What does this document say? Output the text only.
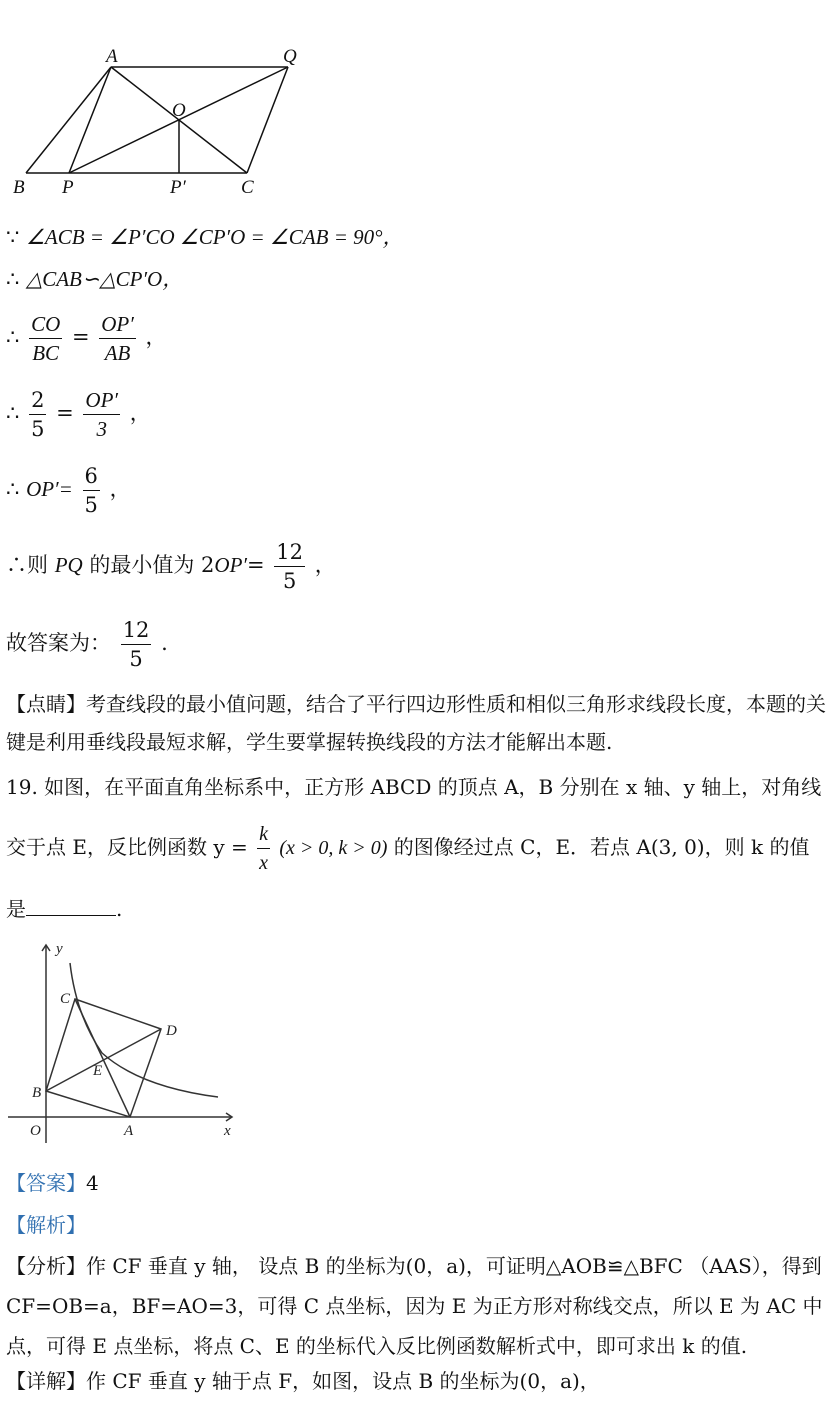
A	Q
O
B P	P′	C
∵ ∠ACB = ∠P′CO ∠CP′O = ∠CAB = 90°，
∴ △CAB∽△CP′O，
∴ $\frac{CO}{BC} = \frac{OP'}{AB}$ ，
∴ $\frac{2}{5} = \frac{OP'}{3}$ ，
∴ $OP'= \frac{6}{5}$ ，
∴则 PQ 的最小值为 $2OP'= \frac{12}{5}$ ，
故答案为： $\frac{12}{5}$ .
【点睛】考查线段的最小值问题，结合了平行四边形性质和相似三角形求线段长度，本题的关键是利用垂线段最短求解，学生要掌握转换线段的方法才能解出本题.
19. 如图，在平面直角坐标系中，正方形 ABCD 的顶点 A，B 分别在 x 轴、y 轴上，对角线
交于点 E，反比例函数 $y = \frac{k}{x} (x > 0$, k > 0) 的图像经过点 C，E．若点 A(3, 0)，则 k 的值
是	.
y
x
O	A
B
C
D
E
【答案】4
【解析】
【分析】作 CF 垂直 y 轴， 设点 B 的坐标为(0，a)，可证明△AOB≌△BFC （AAS），得到 CF=OB=a，BF=AO=3，可得 C 点坐标，因为 E 为正方形对称线交点，所以 E 为 AC 中点，可得 E 点坐标，将点 C、E 的坐标代入反比例函数解析式中，即可求出 k 的值.
【详解】作 CF 垂直 y 轴于点 F，如图，设点 B 的坐标为(0，a)，
